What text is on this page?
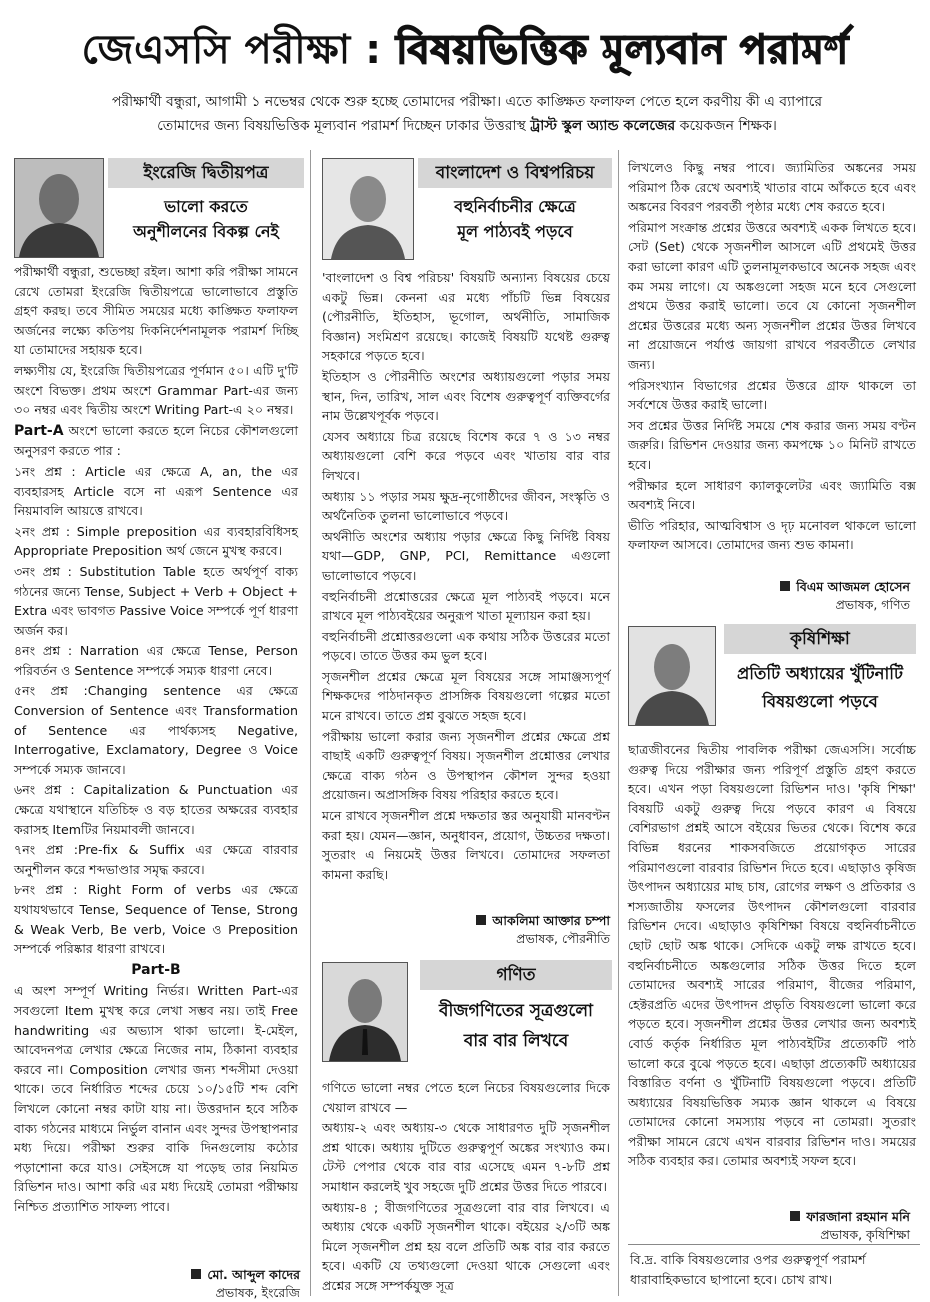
জেএসসি পরীক্ষা : বিষয়ভিত্তিক মূল্যবান পরামর্শ
পরীক্ষার্থী বন্ধুরা, আগামী ১ নভেম্বর থেকে শুরু হচ্ছে তোমাদের পরীক্ষা। এতে কাঙ্ক্ষিত ফলাফল পেতে হলে করণীয় কী এ ব্যাপারে
তোমাদের জন্য বিষয়ভিত্তিক মূল্যবান পরামর্শ দিচ্ছেন ঢাকার উত্তরাস্থ ট্রাস্ট স্কুল অ্যান্ড কলেজের কয়েকজন শিক্ষক।
ইংরেজি দ্বিতীয়পত্র
ভালো করতে
অনুশীলনের বিকল্প নেই

পরীক্ষার্থী বন্ধুরা, শুভেচ্ছা রইল। আশা করি পরীক্ষা সামনে রেখে তোমরা ইংরেজি দ্বিতীয়পত্রে ভালোভাবে প্রস্তুতি গ্রহণ করছ। তবে সীমিত সময়ের মধ্যে কাঙ্ক্ষিত ফলাফল অর্জনের লক্ষ্যে কতিপয় দিকনির্দেশনামূলক পরামর্শ দিচ্ছি যা তোমাদের সহায়ক হবে।

লক্ষ্যণীয় যে, ইংরেজি দ্বিতীয়পত্রের পূর্ণমান ৫০। এটি দু'টি অংশে বিভক্ত। প্রথম অংশে Grammar Part-এর জন্য ৩০ নম্বর এবং দ্বিতীয় অংশে Writing Part-এ ২০ নম্বর।

Part-A অংশে ভালো করতে হলে নিচের কৌশলগুলো অনুসরণ করতে পার :

১নং প্রশ্ন : Article এর ক্ষেত্রে A, an, the এর ব্যবহারসহ Article বসে না এরূপ Sentence এর নিয়মাবলি আয়ত্তে রাখবে।

২নং প্রশ্ন : Simple preposition এর ব্যবহারবিধিসহ Appropriate Preposition অর্থ জেনে মুখস্থ করবে।

৩নং প্রশ্ন : Substitution Table হতে অর্থপূর্ণ বাক্য গঠনের জন্যে Tense, Subject + Verb + Object + Extra এবং ভাবগত Passive Voice সম্পর্কে পূর্ণ ধারণা অর্জন কর।

৪নং প্রশ্ন : Narration এর ক্ষেত্রে Tense, Person পরিবর্তন ও Sentence সম্পর্কে সম্যক ধারণা নেবে।

৫নং প্রশ্ন :Changing sentence এর ক্ষেত্রে Conversion of Sentence এবং Transformation of Sentence এর পার্থক্যসহ Negative, Interrogative, Exclamatory, Degree ও Voice সম্পর্কে সম্যক জানবে।

৬নং প্রশ্ন : Capitalization & Punctuation এর ক্ষেত্রে যথাস্থানে যতিচিহ্ন ও বড় হাতের অক্ষরের ব্যবহার করাসহ Itemটির নিয়মাবলী জানবে।

৭নং প্রশ্ন :Pre-fix & Suffix এর ক্ষেত্রে বারবার অনুশীলন করে শব্দভাণ্ডার সমৃদ্ধ করবে।

৮নং প্রশ্ন : Right Form of verbs এর ক্ষেত্রে যথাযথভাবে Tense, Sequence of Tense, Strong & Weak Verb, Be verb, Voice ও Preposition সম্পর্কে পরিষ্কার ধারণা রাখবে।

Part-B

এ অংশ সম্পূর্ণ Writing নির্ভর। Written Part-এর সবগুলো Item মুখস্থ করে লেখা সম্ভব নয়। তাই Free handwriting এর অভ্যাস থাকা ভালো। ই-মেইল, আবেদনপত্র লেখার ক্ষেত্রে নিজের নাম, ঠিকানা ব্যবহার করবে না। Composition লেখার জন্য শব্দসীমা দেওয়া থাকে। তবে নির্ধারিত শব্দের চেয়ে ১০/১৫টি শব্দ বেশি লিখলে কোনো নম্বর কাটা যায় না। উত্তরদান হবে সঠিক বাক্য গঠনের মাধ্যমে নির্ভুল বানান এবং সুন্দর উপস্থাপনার মধ্য দিয়ে। পরীক্ষা শুরুর বাকি দিনগুলোয় কঠোর পড়াশোনা করে যাও। সেইসঙ্গে যা পড়েছ তার নিয়মিত রিভিশন দাও। আশা করি এর মধ্য দিয়েই তোমরা পরীক্ষায় নিশ্চিত প্রত্যাশিত সাফল্য পাবে।

মো. আব্দুল কাদের
প্রভাষক, ইংরেজি
বাংলাদেশ ও বিশ্বপরিচয়
বহুনির্বাচনীর ক্ষেত্রে
মূল পাঠ্যবই পড়বে

'বাংলাদেশ ও বিশ্ব পরিচয়' বিষয়টি অন্যান্য বিষয়ের চেয়ে একটু ভিন্ন। কেননা এর মধ্যে পাঁচটি ভিন্ন বিষয়ের (পৌরনীতি, ইতিহাস, ভূগোল, অর্থনীতি, সামাজিক বিজ্ঞান) সংমিশ্রণ রয়েছে। কাজেই বিষয়টি যথেষ্ট গুরুত্ব সহকারে পড়তে হবে।

ইতিহাস ও পৌরনীতি অংশের অধ্যায়গুলো পড়ার সময় স্থান, দিন, তারিখ, সাল এবং বিশেষ গুরুত্বপূর্ণ ব্যক্তিবর্গের নাম উল্লেখপূর্বক পড়বে।

যেসব অধ্যায়ে চিত্র রয়েছে বিশেষ করে ৭ ও ১৩ নম্বর অধ্যায়গুলো বেশি করে পড়বে এবং খাতায় বার বার লিখবে।

অধ্যায় ১১ পড়ার সময় ক্ষুদ্র-নৃগোষ্ঠীদের জীবন, সংস্কৃতি ও অর্থনৈতিক তুলনা ভালোভাবে পড়বে।

অর্থনীতি অংশের অধ্যায় পড়ার ক্ষেত্রে কিছু নির্দিষ্ট বিষয় যথা—GDP, GNP, PCI, Remittance এগুলো ভালোভাবে পড়বে।

বহুনির্বাচনী প্রশ্নোত্তরের ক্ষেত্রে মূল পাঠ্যবই পড়বে। মনে রাখবে মূল পাঠ্যবইয়ের অনুরূপ খাতা মূল্যায়ন করা হয়।

বহুনির্বাচনী প্রশ্নোত্তরগুলো এক কথায় সঠিক উত্তরের মতো পড়বে। তাতে উত্তর কম ভুল হবে।

সৃজনশীল প্রশ্নের ক্ষেত্রে মূল বিষয়ের সঙ্গে সামাঞ্জস্যপূর্ণ শিক্ষকদের পাঠদানকৃত প্রাসঙ্গিক বিষয়গুলো গল্পের মতো মনে রাখবে। তাতে প্রশ্ন বুঝতে সহজ হবে।

পরীক্ষায় ভালো করার জন্য সৃজনশীল প্রশ্নের ক্ষেত্রে প্রশ্ন বাছাই একটি গুরুত্বপূর্ণ বিষয়। সৃজনশীল প্রশ্নোত্তর লেখার ক্ষেত্রে বাক্য গঠন ও উপস্থাপন কৌশল সুন্দর হওয়া প্রয়োজন। অপ্রাসঙ্গিক বিষয় পরিহার করতে হবে।

মনে রাখবে সৃজনশীল প্রশ্নে দক্ষতার স্তর অনুযায়ী মানবণ্টন করা হয়। যেমন—জ্ঞান, অনুধাবন, প্রয়োগ, উচ্চতর দক্ষতা। সুতরাং এ নিয়মেই উত্তর লিখবে। তোমাদের সফলতা কামনা করছি।

আকলিমা আক্তার চম্পা
প্রভাষক, পৌরনীতি
গণিত
বীজগণিতের সূত্রগুলো
বার বার লিখবে

গণিতে ভালো নম্বর পেতে হলে নিচের বিষয়গুলোর দিকে খেয়াল রাখবে —

অধ্যায়-২ এবং অধ্যায়-৩ থেকে সাধারণত দুটি সৃজনশীল প্রশ্ন থাকে। অধ্যায় দুটিতে গুরুত্বপূর্ণ অঙ্কের সংখ্যাও কম। টেস্ট পেপার থেকে বার বার এসেছে এমন ৭-৮টি প্রশ্ন সমাধান করলেই খুব সহজে দুটি প্রশ্নের উত্তর দিতে পারবে।

অধ্যায়-৪ ; বীজগণিতের সূত্রগুলো বার বার লিখবে। এ অধ্যায় থেকে একটি সৃজনশীল থাকে। বইয়ের ২/৩টি অঙ্ক মিলে সৃজনশীল প্রশ্ন হয় বলে প্রতিটি অঙ্ক বার বার করতে হবে। একটি যে তথ্যগুলো দেওয়া থাকে সেগুলো এবং প্রশ্নের সঙ্গে সম্পর্কযুক্ত সূত্র

লিখলেও কিছু নম্বর পাবে। জ্যামিতির অঙ্কনের সময় পরিমাপ ঠিক রেখে অবশ্যই খাতার বামে আঁকতে হবে এবং অঙ্কনের বিবরণ পরবর্তী পৃষ্ঠার মধ্যে শেষ করতে হবে।

পরিমাপ সংক্রান্ত প্রশ্নের উত্তরে অবশ্যই একক লিখতে হবে। সেট (Set) থেকে সৃজনশীল আসলে এটি প্রথমেই উত্তর করা ভালো কারণ এটি তুলনামূলকভাবে অনেক সহজ এবং কম সময় লাগে। যে অঙ্কগুলো সহজ মনে হবে সেগুলো প্রথমে উত্তর করাই ভালো। তবে যে কোনো সৃজনশীল প্রশ্নের উত্তরের মধ্যে অন্য সৃজনশীল প্রশ্নের উত্তর লিখবে না প্রয়োজনে পর্যাপ্ত জায়গা রাখবে পরবর্তীতে লেখার জন্য।

পরিসংখ্যান বিভাগের প্রশ্নের উত্তরে গ্রাফ থাকলে তা সর্বশেষে উত্তর করাই ভালো।

সব প্রশ্নের উত্তর নির্দিষ্ট সময়ে শেষ করার জন্য সময় বণ্টন জরুরি। রিভিশন দেওয়ার জন্য কমপক্ষে ১০ মিনিট রাখতে হবে।

পরীক্ষার হলে সাধারণ ক্যালকুলেটর এবং জ্যামিতি বক্স অবশ্যই নিবে।

ভীতি পরিহার, আত্মবিশ্বাস ও দৃঢ় মনোবল থাকলে ভালো ফলাফল আসবে। তোমাদের জন্য শুভ কামনা।

বিএম আজমল হোসেন
প্রভাষক, গণিত
কৃষিশিক্ষা
প্রতিটি অধ্যায়ের খুঁটিনাটি
বিষয়গুলো পড়বে

ছাত্রজীবনের দ্বিতীয় পাবলিক পরীক্ষা জেএসসি। সর্বোচ্চ গুরুত্ব দিয়ে পরীক্ষার জন্য পরিপূর্ণ প্রস্তুতি গ্রহণ করতে হবে। এখন পড়া বিষয়গুলো রিভিশন দাও। 'কৃষি শিক্ষা' বিষয়টি একটু গুরুত্ব দিয়ে পড়বে কারণ এ বিষয়ে বেশিরভাগ প্রশ্নই আসে বইয়ের ভিতর থেকে। বিশেষ করে বিভিন্ন ধরনের শাকসবজিতে প্রয়োগকৃত সারের পরিমাণগুলো বারবার রিভিশন দিতে হবে। এছাড়াও কৃষিজ উৎপাদন অধ্যায়ের মাছ চাষ, রোগের লক্ষণ ও প্রতিকার ও শস্যজাতীয় ফসলের উৎপাদন কৌশলগুলো বারবার রিভিশন দেবে। এছাড়াও কৃষিশিক্ষা বিষয়ে বহুনির্বাচনীতে ছোট ছোট অঙ্ক থাকে। সেদিকে একটু লক্ষ রাখতে হবে। বহুনির্বাচনীতে অঙ্কগুলোর সঠিক উত্তর দিতে হলে তোমাদের অবশ্যই সারের পরিমাণ, বীজের পরিমাণ, হেক্টরপ্রতি এদের উৎপাদন প্রভৃতি বিষয়গুলো ভালো করে পড়তে হবে। সৃজনশীল প্রশ্নের উত্তর লেখার জন্য অবশ্যই বোর্ড কর্তৃক নির্ধারিত মূল পাঠ্যবইটির প্রত্যেকটি পাঠ ভালো করে বুঝে পড়তে হবে। এছাড়া প্রত্যেকটি অধ্যায়ের বিস্তারিত বর্ণনা ও খুঁটিনাটি বিষয়গুলো পড়বে। প্রতিটি অধ্যায়ের বিষয়ভিত্তিক সম্যক জ্ঞান থাকলে এ বিষয়ে তোমাদের কোনো সমস্যায় পড়বে না তোমরা। সুতরাং পরীক্ষা সামনে রেখে এখন বারবার রিভিশন দাও। সময়ের সঠিক ব্যবহার কর। তোমার অবশ্যই সফল হবে।

ফারজানা রহমান মনি
প্রভাষক, কৃষিশিক্ষা
বি.দ্র. বাকি বিষয়গুলোর ওপর গুরুত্বপূর্ণ পরামর্শ ধারাবাহিকভাবে ছাপানো হবে। চোখ রাখ।
